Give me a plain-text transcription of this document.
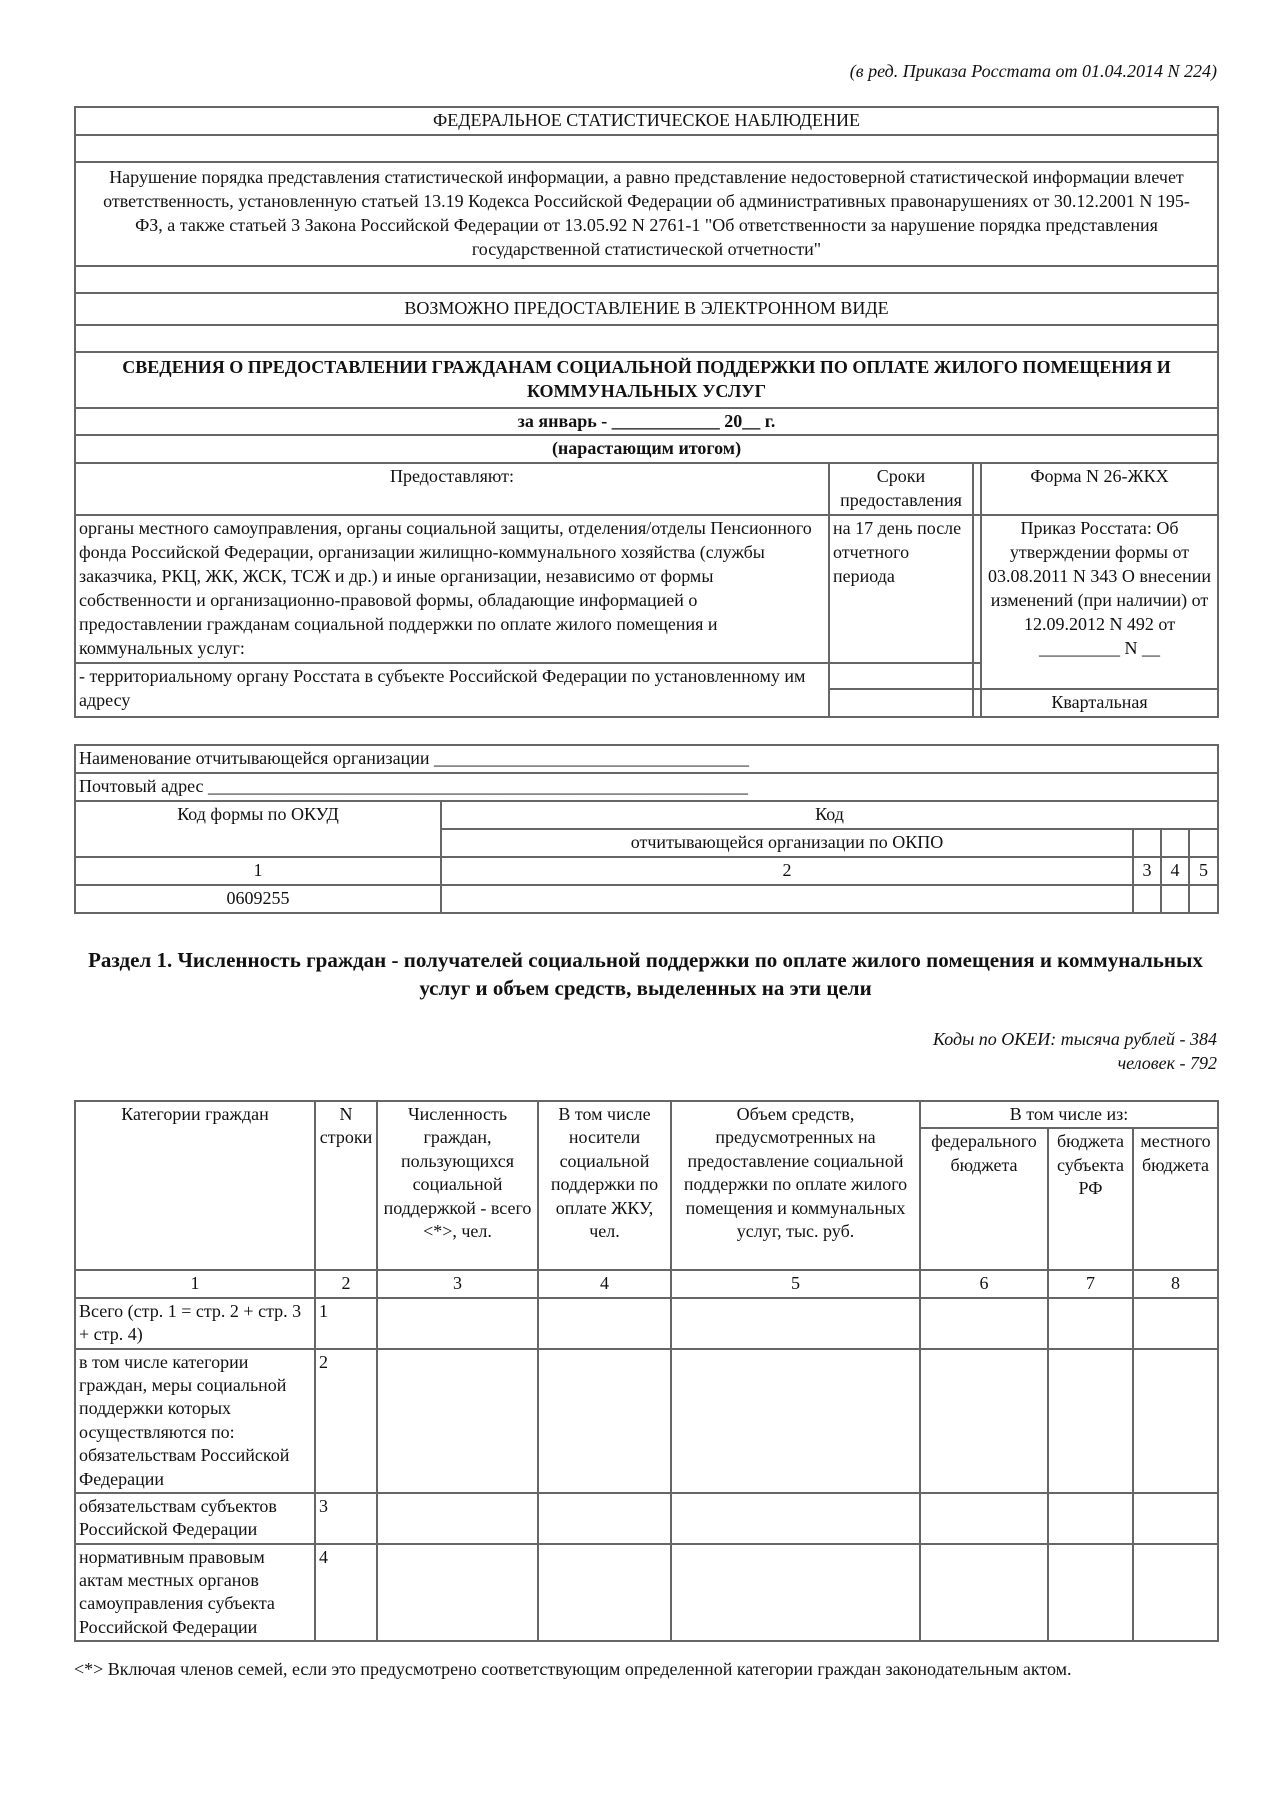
(в ред. Приказа Росстата от 01.04.2014 N 224)
ФЕДЕРАЛЬНОЕ СТАТИСТИЧЕСКОЕ НАБЛЮДЕНИЕ			

Нарушение порядка представления статистической информации, а равно представление недостоверной статистической информации влечет ответственность, установленную статьей 13.19 Кодекса Российской Федерации об административных правонарушениях от 30.12.2001 N 195-ФЗ, а также статьей 3 Закона Российской Федерации от 13.05.92 N 2761-1 "Об ответственности за нарушение порядка представления государственной статистической отчетности"			

ВОЗМОЖНО ПРЕДОСТАВЛЕНИЕ В ЭЛЕКТРОННОМ ВИДЕ			

СВЕДЕНИЯ О ПРЕДОСТАВЛЕНИИ ГРАЖДАНАМ СОЦИАЛЬНОЙ ПОДДЕРЖКИ ПО ОПЛАТЕ ЖИЛОГО ПОМЕЩЕНИЯ И КОММУНАЛЬНЫХ УСЛУГ			
за январь - ____________ 20__ г.			
(нарастающим итогом)			
Предоставляют:	Сроки предоставления		Форма N 26-ЖКХ
органы местного самоуправления, органы социальной защиты, отделения/отделы Пенсионного фонда Российской Федерации, организации жилищно-коммунального хозяйства (службы заказчика, РКЦ, ЖК, ЖСК, ТСЖ и др.) и иные организации, независимо от формы собственности и организационно-правовой формы, обладающие информацией о предоставлении гражданам социальной поддержки по оплате жилого помещения и коммунальных услуг:	на 17 день после отчетного периода		Приказ Росстата: Об утверждении формы от 03.08.2011 N 343 О внесении изменений (при наличии) от 12.09.2012 N 492 от _________ N __
- территориальному органу Росстата в субъекте Российской Федерации по установленному им адресу			
			Квартальная
Наименование отчитывающейся организации ___________________________________				
Почтовый адрес ____________________________________________________________				
Код формы по ОКУД	Код			
	отчитывающейся организации по ОКПО			
1	2	3	4	5
0609255				
Раздел 1. Численность граждан - получателей социальной поддержки по оплате жилого помещения и коммунальных услуг и объем средств, выделенных на эти цели
Коды по ОКЕИ: тысяча рублей - 384
человек - 792
Категории граждан	N строки	Численность граждан, пользующихся социальной поддержкой - всего <*>, чел.	В том числе носители социальной поддержки по оплате ЖКУ, чел.	Объем средств, предусмотренных на предоставление социальной поддержки по оплате жилого помещения и коммунальных услуг, тыс. руб.	В том числе из:		
					федерального бюджета	бюджета субъекта РФ	местного бюджета
1	2	3	4	5	6	7	8
Всего (стр. 1 = стр. 2 + стр. 3 + стр. 4)	1						
в том числе категории граждан, меры социальной поддержки которых осуществляются по: обязательствам Российской Федерации	2						
обязательствам субъектов Российской Федерации	3						
нормативным правовым актам местных органов самоуправления субъекта Российской Федерации	4						
<*> Включая членов семей, если это предусмотрено соответствующим определенной категории граждан законодательным актом.
